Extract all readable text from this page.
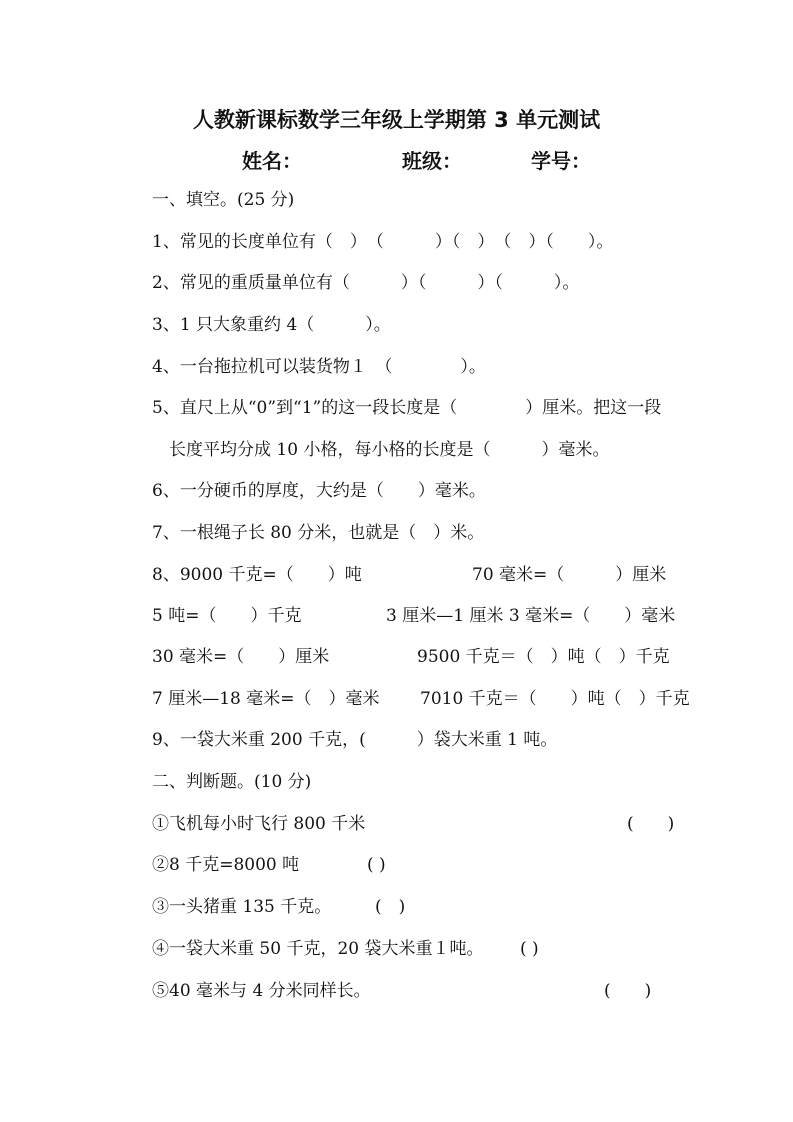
人教新课标数学三年级上学期第 3 单元测试
姓名：	班级：	学号：
一、填空。(25 分)
1、常见的长度单位有（　）　（　　　）（　）　（　）（　　）。
2、常见的重质量单位有（　　　）（　　　）（　　　）。
3、1 只大象重约 4（　　　）。
4、一台拖拉机可以装货物１　（　　　　）。
5、直尺上从“0”到“1”的这一段长度是（　　　　）厘米。把这一段
长度平均分成 10 小格，每小格的长度是（　　　）毫米。
6、一分硬币的厚度，大约是（　　）毫米。
7、一根绳子长 80 分米，也就是（　）米。
8、9000 千克=（　　）吨	70 毫米=（　　　）厘米
5 吨=（　　）千克	3 厘米—1 厘米 3 毫米=（　　）毫米
30 毫米=（　　）厘米	9500 千克＝（　）吨（　）千克
7 厘米—18 毫米=（　）毫米 7010 千克＝（　　）吨（　）千克
9、一袋大米重 200 千克，(　　　）袋大米重 1 吨。
二、判断题。(10 分)
①飞机每小时飞行 800 千米	(　　)
②8 千克=8000 吨	( )
③一头猪重 135 千克。	(　)
④一袋大米重 50 千克，20 袋大米重１吨。 ( )
⑤40 毫米与 4 分米同样长。	(　　)
